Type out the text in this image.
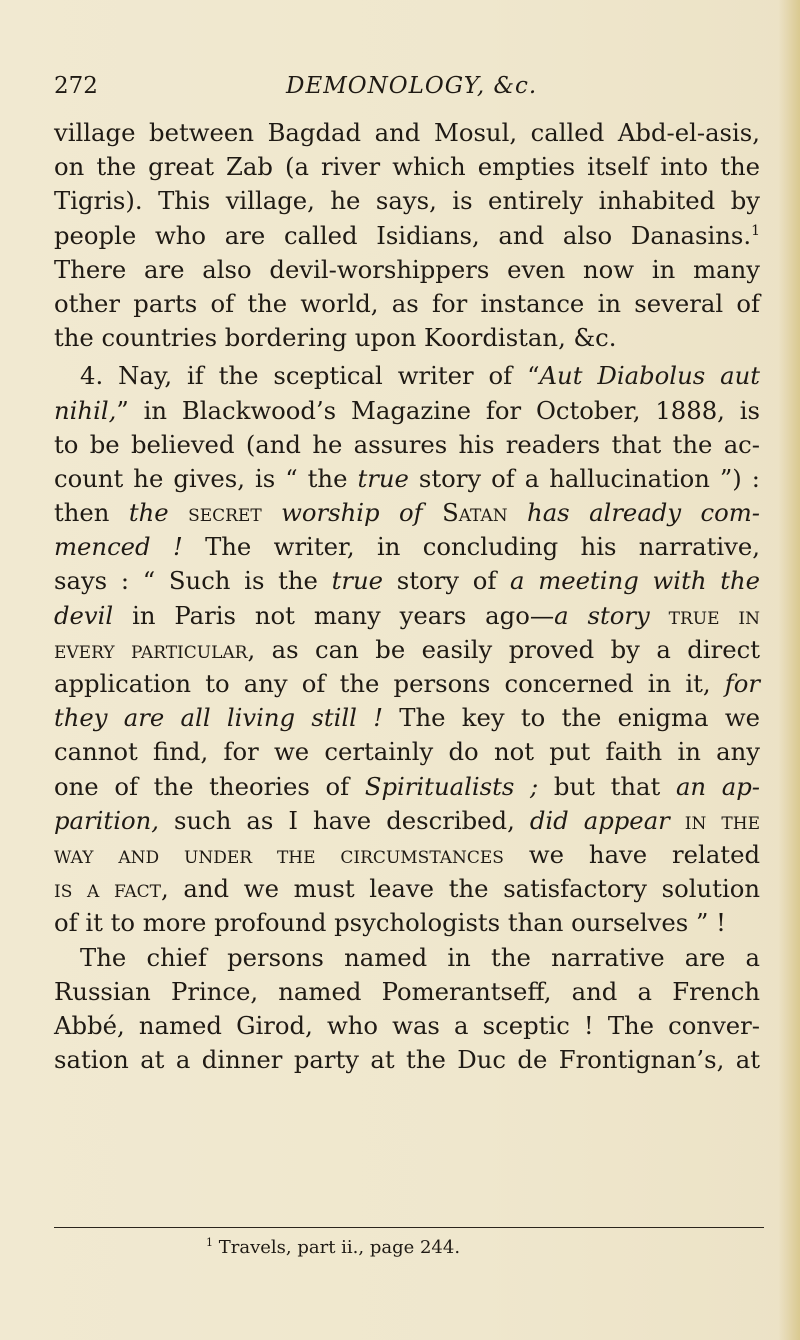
272	DEMONOLOGY, &c.
village between Bagdad and Mosul, called Abd-el-asis,
on the great Zab (a river which empties itself into the
Tigris). This village, he says, is entirely inhabited by
people who are called Isidians, and also Danasins.$^1$
There are also devil-worshippers even now in many
other parts of the world, as for instance in several of
the countries bordering upon Koordistan, &c.
4. Nay, if the sceptical writer of “Aut Diabolus aut
nihil,” in Blackwood’s Magazine for October, 1888, is
to be believed (and he assures his readers that the ac-
count he gives, is “ the true story of a hallucination ”) :
then the secret worship of Satan has already com-
menced ! The writer, in concluding his narrative,
says : “ Such is the true story of a meeting with the
devil in Paris not many years ago—a story true in
every particular, as can be easily proved by a direct
application to any of the persons concerned in it, for
they are all living still ! The key to the enigma we
cannot find, for we certainly do not put faith in any
one of the theories of Spiritualists ; but that an ap-
parition, such as I have described, did appear in the
way and under the circumstances we have related
is a fact, and we must leave the satisfactory solution
of it to more profound psychologists than ourselves ” !
The chief persons named in the narrative are a
Russian Prince, named Pomerantseff, and a French
Abbé, named Girod, who was a sceptic ! The conver-
sation at a dinner party at the Duc de Frontignan’s, at
$^1$ Travels, part ii., page 244.
